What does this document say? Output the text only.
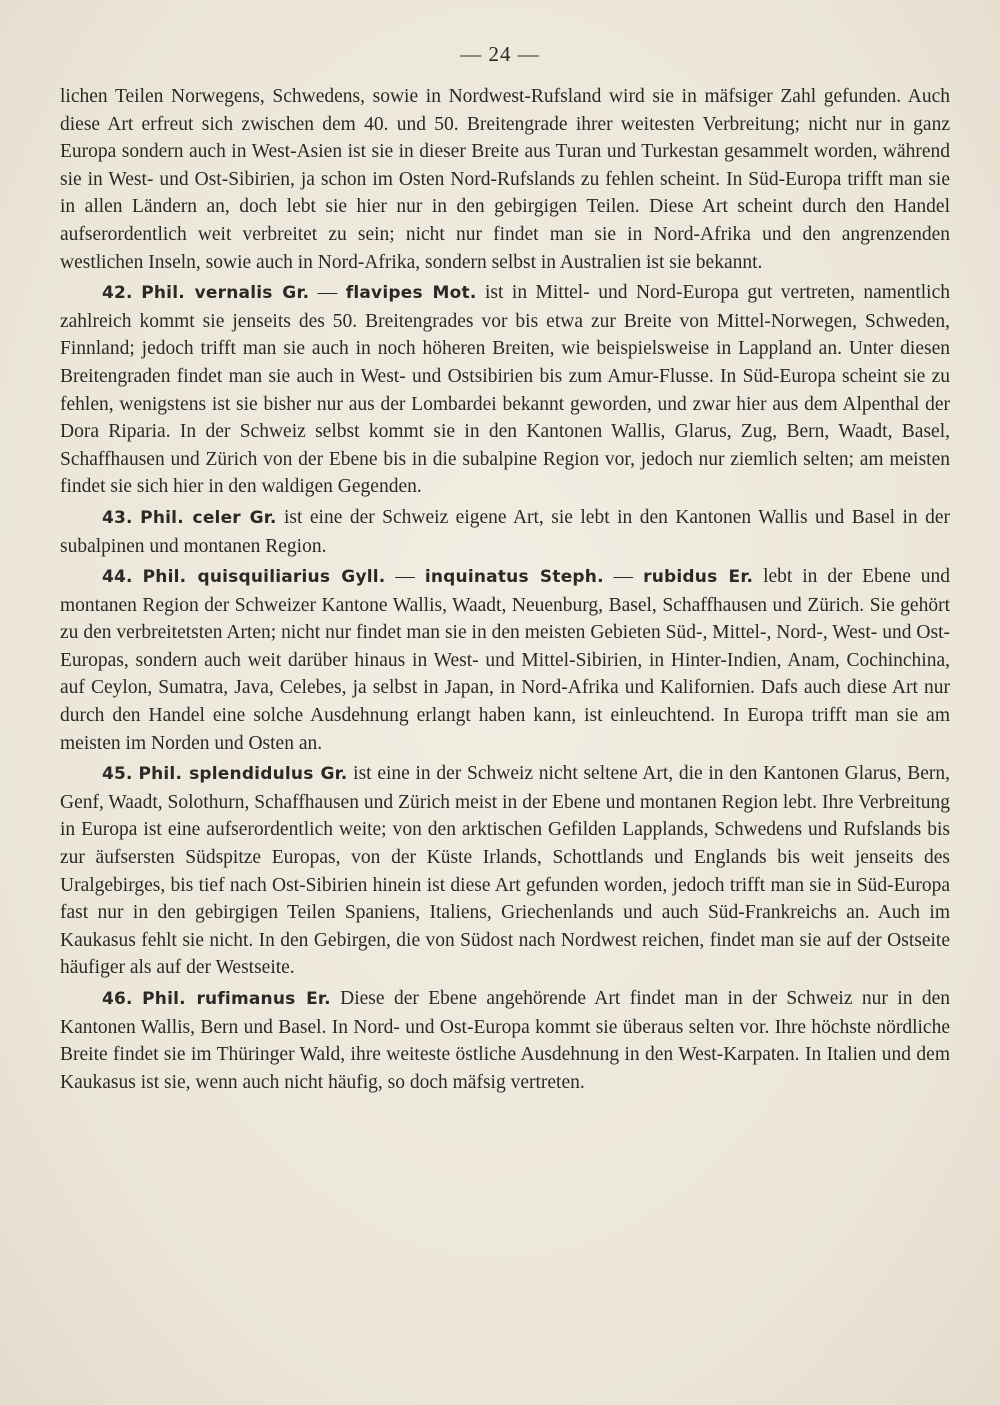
— 24 —

lichen Teilen Norwegens, Schwedens, sowie in Nordwest-Rufsland wird sie in mäfsiger Zahl gefunden. Auch diese Art erfreut sich zwischen dem 40. und 50. Breitengrade ihrer weitesten Verbreitung; nicht nur in ganz Europa sondern auch in West-Asien ist sie in dieser Breite aus Turan und Turkestan gesammelt worden, während sie in West- und Ost-Sibirien, ja schon im Osten Nord-Rufslands zu fehlen scheint. In Süd-Europa trifft man sie in allen Ländern an, doch lebt sie hier nur in den gebirgigen Teilen. Diese Art scheint durch den Handel aufserordentlich weit verbreitet zu sein; nicht nur findet man sie in Nord-Afrika und den angrenzenden westlichen Inseln, sowie auch in Nord-Afrika, sondern selbst in Australien ist sie bekannt.

42. Phil. vernalis Gr. — flavipes Mot. ist in Mittel- und Nord-Europa gut vertreten, namentlich zahlreich kommt sie jenseits des 50. Breitengrades vor bis etwa zur Breite von Mittel-Norwegen, Schweden, Finnland; jedoch trifft man sie auch in noch höheren Breiten, wie beispielsweise in Lappland an. Unter diesen Breitengraden findet man sie auch in West- und Ostsibirien bis zum Amur-Flusse. In Süd-Europa scheint sie zu fehlen, wenigstens ist sie bisher nur aus der Lombardei bekannt geworden, und zwar hier aus dem Alpenthal der Dora Riparia. In der Schweiz selbst kommt sie in den Kantonen Wallis, Glarus, Zug, Bern, Waadt, Basel, Schaffhausen und Zürich von der Ebene bis in die subalpine Region vor, jedoch nur ziemlich selten; am meisten findet sie sich hier in den waldigen Gegenden.

43. Phil. celer Gr. ist eine der Schweiz eigene Art, sie lebt in den Kantonen Wallis und Basel in der subalpinen und montanen Region.

44. Phil. quisquiliarius Gyll. — inquinatus Steph. — rubidus Er. lebt in der Ebene und montanen Region der Schweizer Kantone Wallis, Waadt, Neuenburg, Basel, Schaffhausen und Zürich. Sie gehört zu den verbreitetsten Arten; nicht nur findet man sie in den meisten Gebieten Süd-, Mittel-, Nord-, West- und Ost-Europas, sondern auch weit darüber hinaus in West- und Mittel-Sibirien, in Hinter-Indien, Anam, Cochinchina, auf Ceylon, Sumatra, Java, Celebes, ja selbst in Japan, in Nord-Afrika und Kalifornien. Dafs auch diese Art nur durch den Handel eine solche Ausdehnung erlangt haben kann, ist einleuchtend. In Europa trifft man sie am meisten im Norden und Osten an.

45. Phil. splendidulus Gr. ist eine in der Schweiz nicht seltene Art, die in den Kantonen Glarus, Bern, Genf, Waadt, Solothurn, Schaffhausen und Zürich meist in der Ebene und montanen Region lebt. Ihre Verbreitung in Europa ist eine aufserordentlich weite; von den arktischen Gefilden Lapplands, Schwedens und Rufslands bis zur äufsersten Südspitze Europas, von der Küste Irlands, Schottlands und Englands bis weit jenseits des Uralgebirges, bis tief nach Ost-Sibirien hinein ist diese Art gefunden worden, jedoch trifft man sie in Süd-Europa fast nur in den gebirgigen Teilen Spaniens, Italiens, Griechenlands und auch Süd-Frankreichs an. Auch im Kaukasus fehlt sie nicht. In den Gebirgen, die von Südost nach Nordwest reichen, findet man sie auf der Ostseite häufiger als auf der Westseite.

46. Phil. rufimanus Er. Diese der Ebene angehörende Art findet man in der Schweiz nur in den Kantonen Wallis, Bern und Basel. In Nord- und Ost-Europa kommt sie überaus selten vor. Ihre höchste nördliche Breite findet sie im Thüringer Wald, ihre weiteste östliche Ausdehnung in den West-Karpaten. In Italien und dem Kaukasus ist sie, wenn auch nicht häufig, so doch mäfsig vertreten.
